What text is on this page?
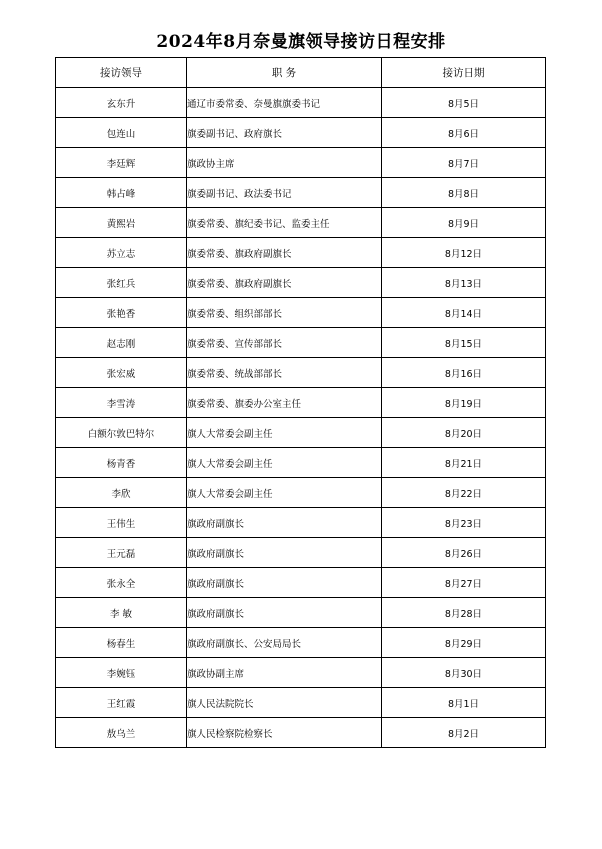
2024年8月奈曼旗领导接访日程安排
接访领导	职 务	接访日期
玄东升	通辽市委常委、奈曼旗旗委书记	8月5日
包连山	旗委副书记、政府旗长	8月6日
李廷辉	旗政协主席	8月7日
韩占峰	旗委副书记、政法委书记	8月8日
黄熙岩	旗委常委、旗纪委书记、监委主任	8月9日
苏立志	旗委常委、旗政府副旗长	8月12日
张红兵	旗委常委、旗政府副旗长	8月13日
张艳香	旗委常委、组织部部长	8月14日
赵志刚	旗委常委、宣传部部长	8月15日
张宏威	旗委常委、统战部部长	8月16日
李雪涛	旗委常委、旗委办公室主任	8月19日
白额尔敦巴特尔	旗人大常委会副主任	8月20日
杨青香	旗人大常委会副主任	8月21日
李欣	旗人大常委会副主任	8月22日
王伟生	旗政府副旗长	8月23日
王元磊	旗政府副旗长	8月26日
张永全	旗政府副旗长	8月27日
李 敏	旗政府副旗长	8月28日
杨春生	旗政府副旗长、公安局局长	8月29日
李婉钰	旗政协副主席	8月30日
王红霞	旗人民法院院长	8月1日
敖乌兰	旗人民检察院检察长	8月2日
